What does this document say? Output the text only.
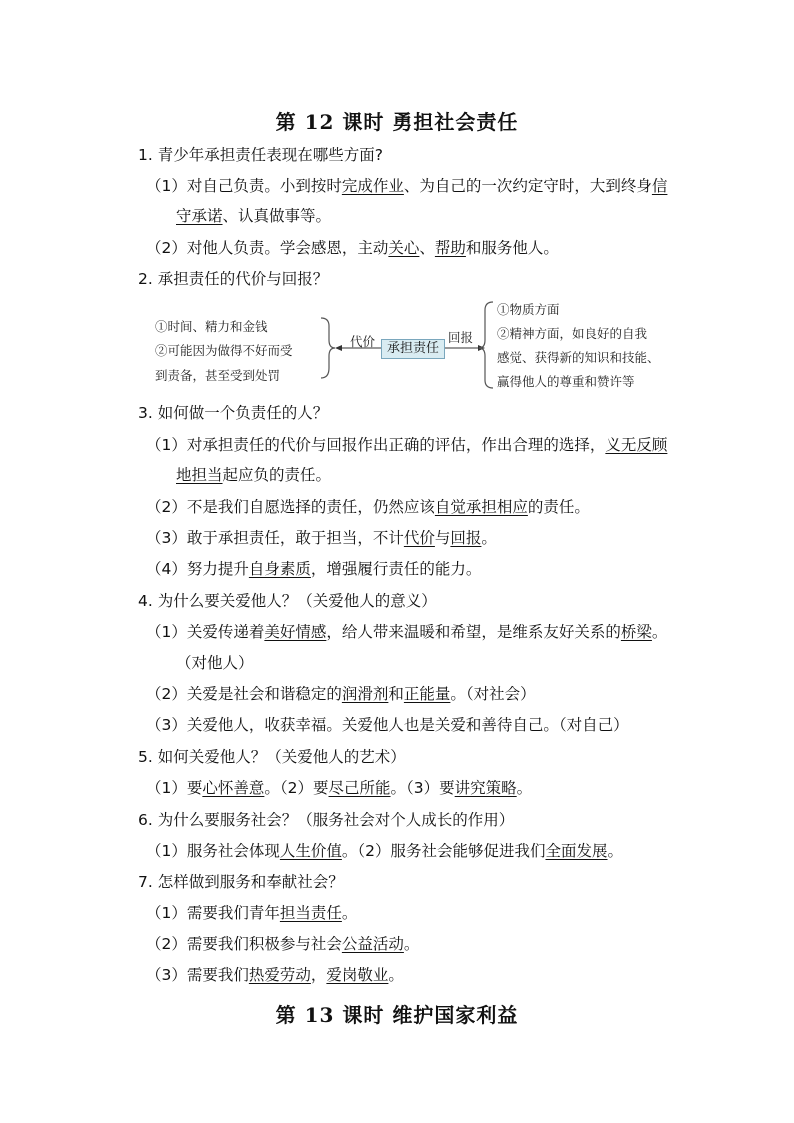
第 12 课时 勇担社会责任
1. 青少年承担责任表现在哪些方面?
（1）对自己负责。小到按时完成作业、为自己的一次约定守时，大到终身信
守承诺、认真做事等。
（2）对他人负责。学会感恩，主动关心、帮助和服务他人。
2. 承担责任的代价与回报？
①时间、精力和金钱
②可能因为做得不好而受
到责备，甚至受到处罚
代价 承担责任
回报
①物质方面
②精神方面，如良好的自我
感觉、获得新的知识和技能、
赢得他人的尊重和赞许等
3. 如何做一个负责任的人？
（1）对承担责任的代价与回报作出正确的评估，作出合理的选择，义无反顾
地担当起应负的责任。
（2）不是我们自愿选择的责任，仍然应该自觉承担相应的责任。
（3）敢于承担责任，敢于担当，不计代价与回报。
（4）努力提升自身素质，增强履行责任的能力。
4. 为什么要关爱他人？（关爱他人的意义）
（1）关爱传递着美好情感，给人带来温暖和希望，是维系友好关系的桥梁。
（对他人）
（2）关爱是社会和谐稳定的润滑剂和正能量。（对社会）
（3）关爱他人，收获幸福。关爱他人也是关爱和善待自己。（对自己）
5. 如何关爱他人？（关爱他人的艺术）
（1）要心怀善意。（2）要尽己所能。（3）要讲究策略。
6. 为什么要服务社会？（服务社会对个人成长的作用）
（1）服务社会体现人生价值。（2）服务社会能够促进我们全面发展。
7. 怎样做到服务和奉献社会？
（1）需要我们青年担当责任。
（2）需要我们积极参与社会公益活动。
（3）需要我们热爱劳动，爱岗敬业。
第 13 课时 维护国家利益
